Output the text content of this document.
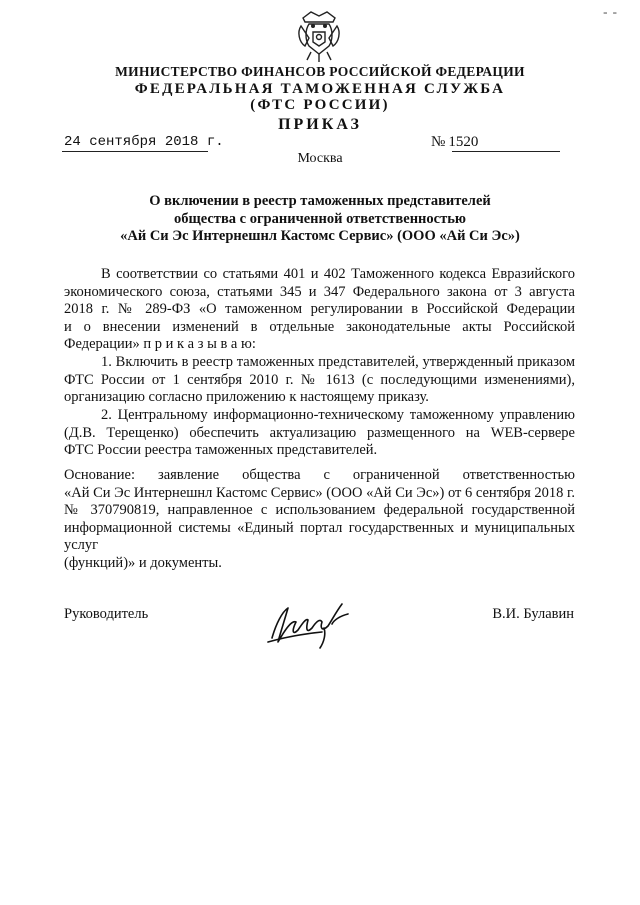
- -
МИНИСТЕРСТВО ФИНАНСОВ РОССИЙСКОЙ ФЕДЕРАЦИИ
ФЕДЕРАЛЬНАЯ ТАМОЖЕННАЯ СЛУЖБА
(ФТС РОССИИ)
ПРИКАЗ
24 сентября 2018 г.	№ 1520
Москва
О включении в реестр таможенных представителей
общества с ограниченной ответственностью
«Ай Си Эс Интернешнл Кастомс Сервис» (ООО «Ай Си Эс»)

В соответствии со статьями 401 и 402 Таможенного кодекса Евразийского

экономического союза, статьями 345 и 347 Федерального закона от 3 августа

2018 г. № 289-ФЗ «О таможенном регулировании в Российской Федерации

и о внесении изменений в отдельные законодательные акты Российской

Федерации» п р и к а з ы в а ю:

1. Включить в реестр таможенных представителей, утвержденный приказом

ФТС России от 1 сентября 2010 г. № 1613 (с последующими изменениями),

организацию согласно приложению к настоящему приказу.

2. Центральному информационно-техническому таможенному управлению

(Д.В. Терещенко) обеспечить актуализацию размещенного на WEB-сервере

ФТС России реестра таможенных представителей.

Основание: заявление общества с ограниченной ответственностью

«Ай Си Эс Интернешнл Кастомс Сервис» (ООО «Ай Си Эс») от 6 сентября 2018 г.

№ 370790819, направленное с использованием федеральной государственной

информационной системы «Единый портал государственных и муниципальных услуг

(функций)» и документы.

Руководитель	В.И. Булавин
